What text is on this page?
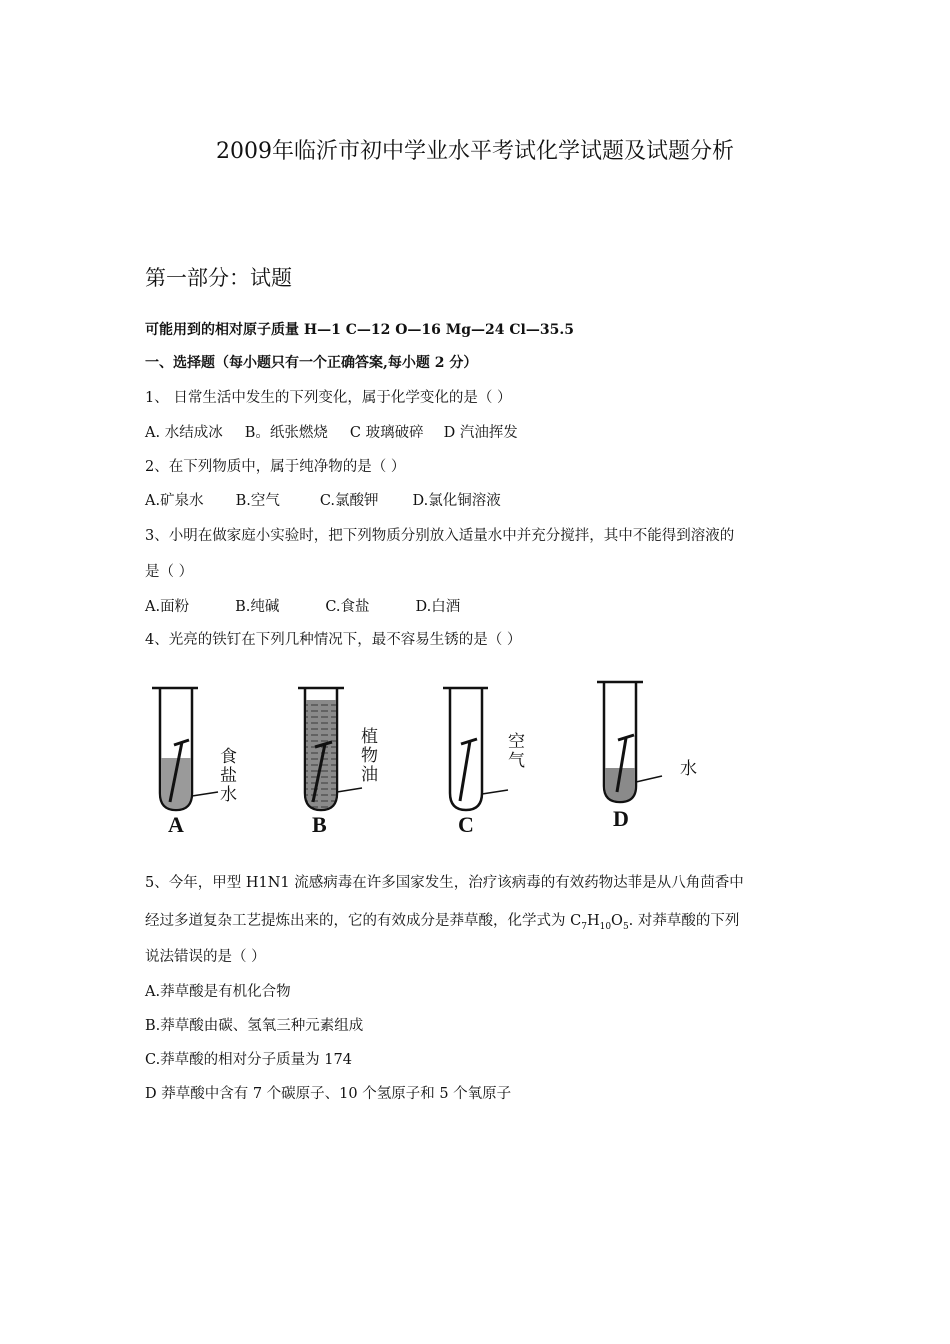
2009年临沂市初中学业水平考试化学试题及试题分析
第一部分：试题
可能用到的相对原子质量 H—1 C—12 O—16 Mg—24 Cl—35.5
一、选择题（每小题只有一个正确答案,每小题 2 分）
1、 日常生活中发生的下列变化，属于化学变化的是（ ）
A. 水结成冰 B。纸张燃烧 C 玻璃破碎 D 汽油挥发
2、在下列物质中，属于纯净物的是（ ）
A.矿泉水 B.空气	C.氯酸钾 D.氯化铜溶液
3、小明在做家庭小实验时，把下列物质分别放入适量水中并充分搅拌，其中不能得到溶液的
是（ ）
A.面粉	B.纯碱	C.食盐	D.白酒
4、光亮的铁钉在下列几种情况下，最不容易生锈的是（ ）
食
盐
水
植
物
油
空
气	水
A	B	C	D
5、今年，甲型 H1N1 流感病毒在许多国家发生，治疗该病毒的有效药物达菲是从八角茴香中
经过多道复杂工艺提炼出来的，它的有效成分是莽草酸，化学式为 $C_7H_{10}O_5$. 对莽草酸的下列
说法错误的是（ ）
A.莽草酸是有机化合物
B.莽草酸由碳、氢氧三种元素组成
C.莽草酸的相对分子质量为 174
D 莽草酸中含有 7 个碳原子、10 个氢原子和 5 个氧原子
